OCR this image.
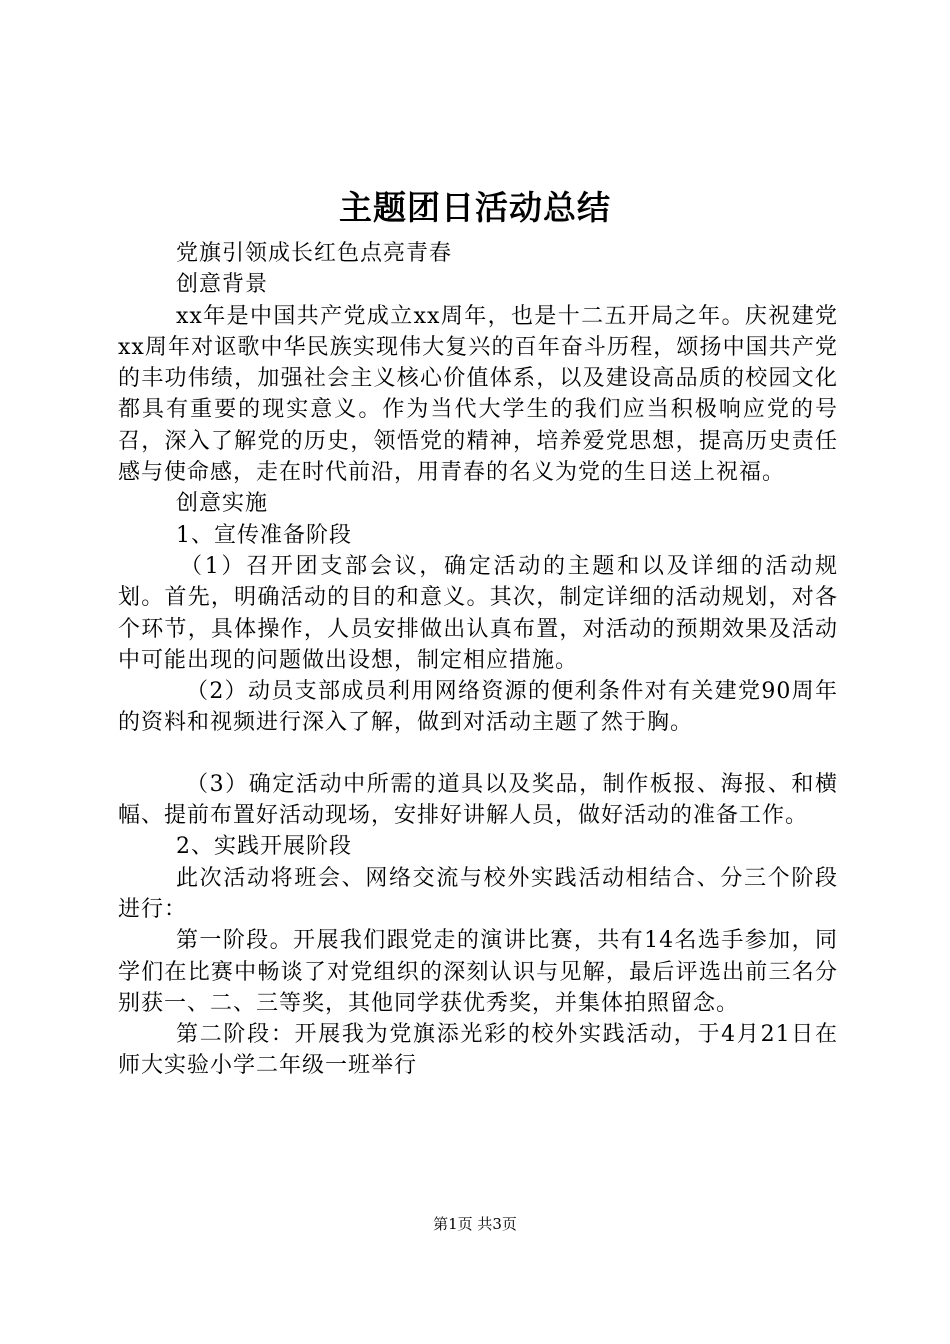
主题团日活动总结

党旗引领成长红色点亮青春

创意背景

xx年是中国共产党成立xx周年，也是十二五开局之年。庆祝建党xx周年对讴歌中华民族实现伟大复兴的百年奋斗历程，颂扬中国共产党的丰功伟绩，加强社会主义核心价值体系，以及建设高品质的校园文化都具有重要的现实意义。作为当代大学生的我们应当积极响应党的号召，深入了解党的历史，领悟党的精神，培养爱党思想，提高历史责任感与使命感，走在时代前沿，用青春的名义为党的生日送上祝福。

创意实施

1、宣传准备阶段

（1）召开团支部会议，确定活动的主题和以及详细的活动规划。首先，明确活动的目的和意义。其次，制定详细的活动规划，对各个环节，具体操作，人员安排做出认真布置，对活动的预期效果及活动中可能出现的问题做出设想，制定相应措施。

（2）动员支部成员利用网络资源的便利条件对有关建党90周年的资料和视频进行深入了解，做到对活动主题了然于胸。

（3）确定活动中所需的道具以及奖品，制作板报、海报、和横幅、提前布置好活动现场，安排好讲解人员，做好活动的准备工作。

2、实践开展阶段

此次活动将班会、网络交流与校外实践活动相结合、分三个阶段进行：

第一阶段。开展我们跟党走的演讲比赛，共有14名选手参加，同学们在比赛中畅谈了对党组织的深刻认识与见解，最后评选出前三名分别获一、二、三等奖，其他同学获优秀奖，并集体拍照留念。

第二阶段：开展我为党旗添光彩的校外实践活动，于4月21日在师大实验小学二年级一班举行

第1页 共3页
